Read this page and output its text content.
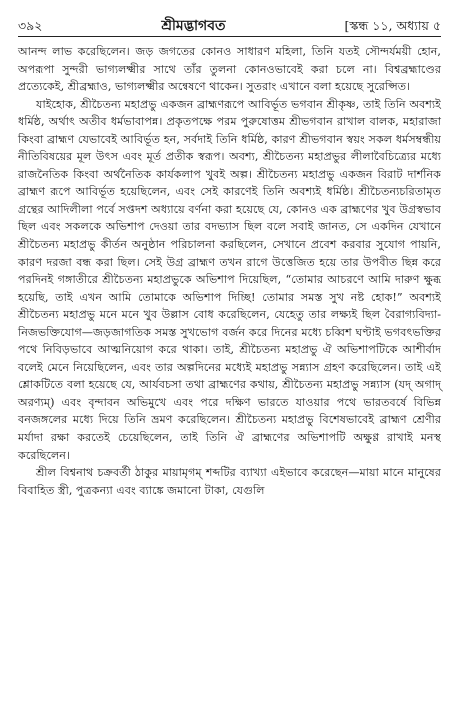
৩৯২	শ্রীমদ্ভাগবত	[স্কন্ধ ১১, অধ্যায় ৫

আনন্দ লাভ করেছিলেন। জড় জগতের কোনও সাধারণ মহিলা, তিনি যতই সৌন্দর্যময়ী হোন, অপরূপা সুন্দরী ভাগ্যলক্ষ্মীর সাথে তাঁর তুলনা কোনওভাবেই করা চলে না। বিশ্বব্রহ্মাণ্ডের প্রত্যেকেই, শ্রীব্রহ্মাও, ভাগ্যলক্ষ্মীর অন্বেষণে থাকেন। সুতরাং এখানে বলা হয়েছে সুরেপ্সিত।

যাইহোক, শ্রীচৈতন্য মহাপ্রভু একজন ব্রাহ্মণরূপে আবির্ভূত ভগবান শ্রীকৃষ্ণ, তাই তিনি অবশ্যই ধর্মিষ্ঠ, অর্থাৎ অতীব ধর্মভাবাপন্ন। প্রকৃতপক্ষে পরম পুরুষোত্তম শ্রীভগবান রাখাল বালক, মহারাজা কিংবা ব্রাহ্মণ যেভাবেই আবির্ভূত হন, সর্বদাই তিনি ধর্মিষ্ঠ, কারণ শ্রীভগবান স্বয়ং সকল ধর্মসম্বন্ধীয় নীতিবিষয়ের মূল উৎস এবং মূর্ত প্রতীক স্বরূপ। অবশ্য, শ্রীচৈতন্য মহাপ্রভুর লীলাবৈচিত্র্যের মধ্যে রাজনৈতিক কিংবা অর্থনৈতিক কার্যকলাপ খুবই অল্প। শ্রীচৈতন্য মহাপ্রভু একজন বিরাট দার্শনিক ব্রাহ্মণ রূপে আবির্ভূত হয়েছিলেন, এবং সেই কারণেই তিনি অবশ্যই ধর্মিষ্ঠ। শ্রীচৈতন্যচরিতামৃত গ্রন্থের আদিলীলা পর্বে সপ্তদশ অধ্যায়ে বর্ণনা করা হয়েছে যে, কোনও এক ব্রাহ্মণের খুব উগ্রস্বভাব ছিল এবং সকলকে অভিশাপ দেওয়া তার বদভ্যাস ছিল বলে সবাই জানত, সে একদিন যেখানে শ্রীচৈতন্য মহাপ্রভু কীর্তন অনুষ্ঠান পরিচালনা করছিলেন, সেখানে প্রবেশ করবার সুযোগ পায়নি, কারণ দরজা বন্ধ করা ছিল। সেই উগ্র ব্রাহ্মণ তখন রাগে উত্তেজিত হয়ে তার উপবীত ছিন্ন করে পরদিনই গঙ্গাতীরে শ্রীচৈতন্য মহাপ্রভুকে অভিশাপ দিয়েছিল, “তোমার আচরণে আমি দারুণ ক্ষুব্ধ হয়েছি, তাই এখন আমি তোমাকে অভিশাপ দিচ্ছি! তোমার সমস্ত সুখ নষ্ট হোক!” অবশ্যই শ্রীচৈতন্য মহাপ্রভু মনে মনে খুব উল্লাস বোধ করেছিলেন, যেহেতু তার লক্ষ্যই ছিল বৈরাগ্যবিদ্যা-নিজভক্তিযোগ—জড়জাগতিক সমস্ত সুখভোগ বর্জন করে দিনের মধ্যে চব্বিশ ঘণ্টাই ভগবৎভক্তির পথে নিবিড়ভাবে আত্মনিয়োগ করে থাকা। তাই, শ্রীচৈতন্য মহাপ্রভু ঐ অভিশাপটিকে আশীর্বাদ বলেই মেনে নিয়েছিলেন, এবং তার অল্পদিনের মধ্যেই মহাপ্রভু সন্ন্যাস গ্রহণ করেছিলেন। তাই এই শ্লোকটিতে বলা হয়েছে যে, আর্যবচসা তথা ব্রাহ্মণের কথায়, শ্রীচৈতন্য মহাপ্রভু সন্ন্যাস (যদ্ অগাদ্ অরণ্যম্) এবং বৃন্দাবন অভিমুখে এবং পরে দক্ষিণ ভারতে যাওয়ার পথে ভারতবর্ষে বিভিন্ন বনজঙ্গলের মধ্যে দিয়ে তিনি ভ্রমণ করেছিলেন। শ্রীচৈতন্য মহাপ্রভু বিশেষভাবেই ব্রাহ্মণ শ্রেণীর মর্যাদা রক্ষা করতেই চেয়েছিলেন, তাই তিনি ঐ ব্রাহ্মণের অভিশাপটি অক্ষুণ্ণ রাখাই মনস্থ করেছিলেন।

শ্রীল বিশ্বনাথ চক্রবর্তী ঠাকুর মায়ামৃগম্ শব্দটির ব্যাখ্যা এইভাবে করেছেন—মায়া মানে মানুষের বিবাহিত স্ত্রী, পুত্রকন্যা এবং ব্যাঙ্কে জমানো টাকা, যেগুলি
